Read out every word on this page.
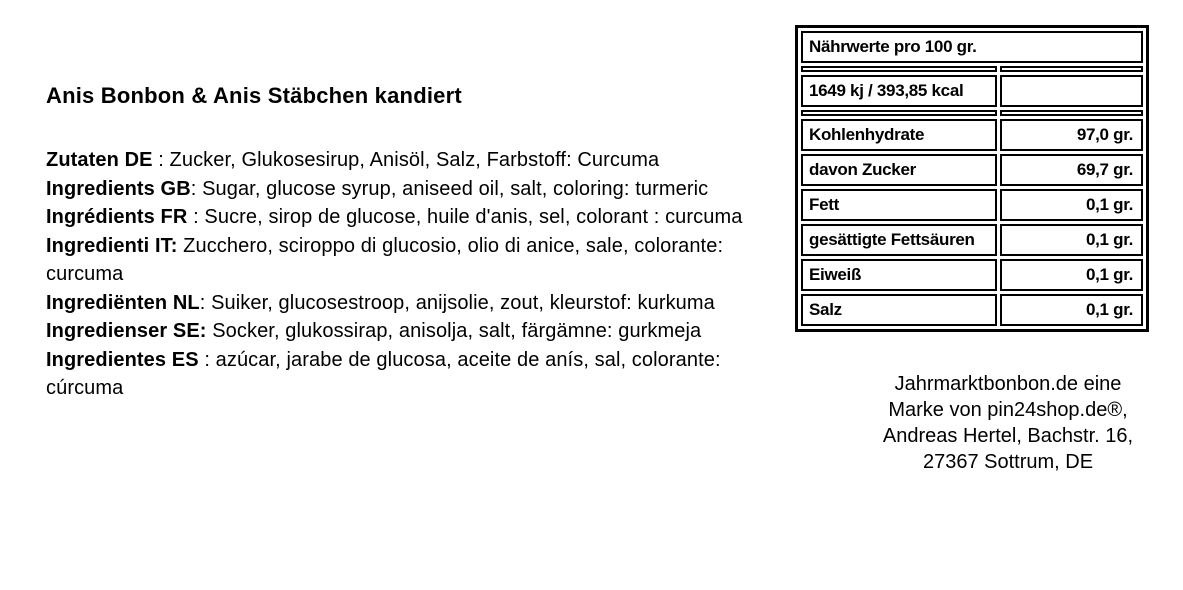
Anis Bonbon & Anis Stäbchen kandiert

Zutaten DE : Zucker, Glukosesirup, Anisöl, Salz, Farbstoff: Curcuma

Ingredients GB: Sugar, glucose syrup, aniseed oil, salt, coloring: turmeric

Ingrédients FR : Sucre, sirop de glucose, huile d'anis, sel, colorant : curcuma

Ingredienti IT: Zucchero, sciroppo di glucosio, olio di anice, sale, colorante: curcuma

Ingrediënten NL: Suiker, glucosestroop, anijsolie, zout, kleurstof: kurkuma

Ingredienser SE: Socker, glukossirap, anisolja, salt, färgämne: gurkmeja

Ingredientes ES : azúcar, jarabe de glucosa, aceite de anís, sal, colorante: cúrcuma

Nährwerte pro 100 gr.	

1649 kj / 393,85 kcal	

Kohlenhydrate	97,0 gr.
davon Zucker	69,7 gr.
Fett	0,1 gr.
gesättigte Fettsäuren	0,1 gr.
Eiweiß	0,1 gr.
Salz	0,1 gr.
Jahrmarktbonbon.de eine
Marke von pin24shop.de®,
Andreas Hertel, Bachstr. 16,
27367 Sottrum, DE
